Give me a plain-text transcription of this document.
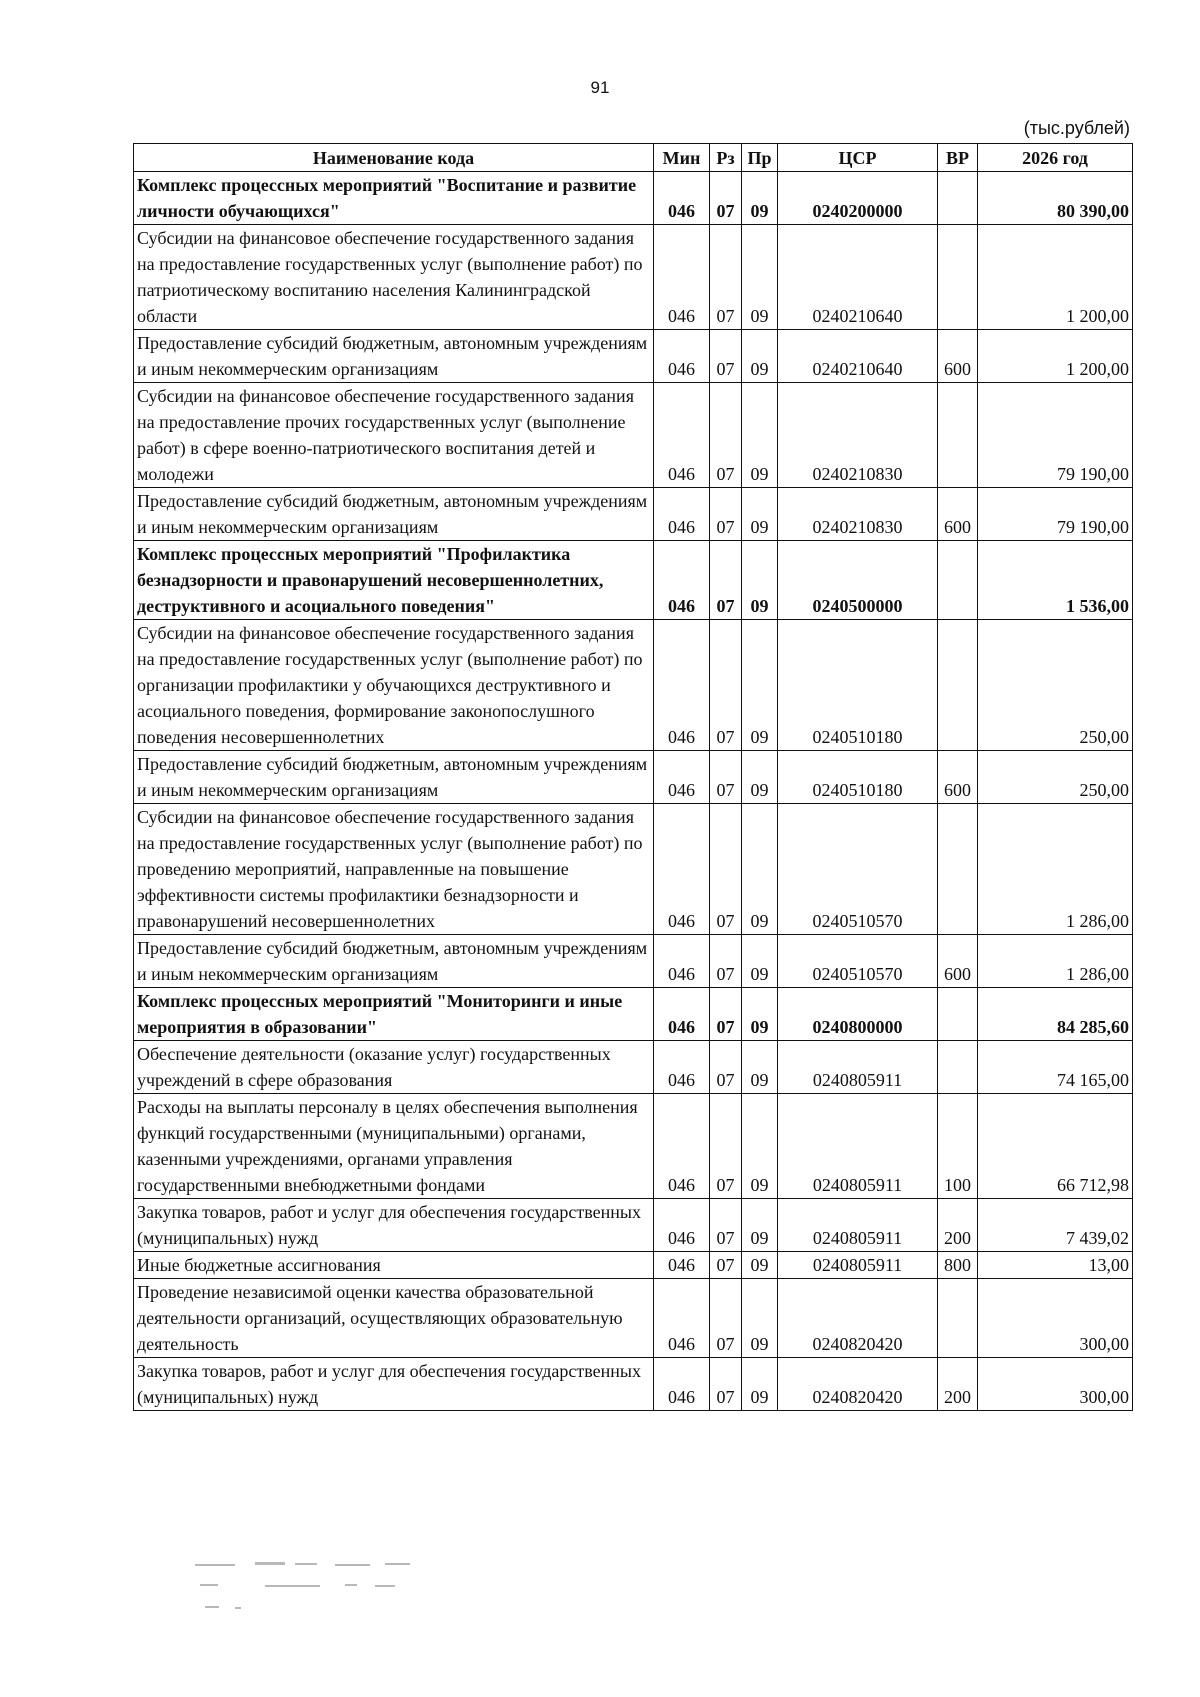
91
(тыс.рублей)
Наименование кода	Мин	Рз	Пр	ЦСР	ВР	2026 год
Комплекс процессных мероприятий "Воспитание и развитие личности обучающихся"	046	07	09	0240200000		80 390,00
Субсидии на финансовое обеспечение государственного задания на предоставление государственных услуг (выполнение работ) по патриотическому воспитанию населения Калининградской области	046	07	09	0240210640		1 200,00
Предоставление субсидий бюджетным, автономным учреждениям и иным некоммерческим организациям	046	07	09	0240210640	600	1 200,00
Субсидии на финансовое обеспечение государственного задания на предоставление прочих государственных услуг (выполнение работ) в сфере военно-патриотического воспитания детей и молодежи	046	07	09	0240210830		79 190,00
Предоставление субсидий бюджетным, автономным учреждениям и иным некоммерческим организациям	046	07	09	0240210830	600	79 190,00
Комплекс процессных мероприятий "Профилактика безнадзорности и правонарушений несовершеннолетних, деструктивного и асоциального поведения"	046	07	09	0240500000		1 536,00
Субсидии на финансовое обеспечение государственного задания на предоставление государственных услуг (выполнение работ) по организации профилактики у обучающихся деструктивного и асоциального поведения, формирование законопослушного поведения несовершеннолетних	046	07	09	0240510180		250,00
Предоставление субсидий бюджетным, автономным учреждениям и иным некоммерческим организациям	046	07	09	0240510180	600	250,00
Субсидии на финансовое обеспечение государственного задания на предоставление государственных услуг (выполнение работ) по проведению мероприятий, направленные на повышение эффективности системы профилактики безнадзорности и правонарушений несовершеннолетних	046	07	09	0240510570		1 286,00
Предоставление субсидий бюджетным, автономным учреждениям и иным некоммерческим организациям	046	07	09	0240510570	600	1 286,00
Комплекс процессных мероприятий "Мониторинги и иные мероприятия в образовании"	046	07	09	0240800000		84 285,60
Обеспечение деятельности (оказание услуг) государственных учреждений в сфере образования	046	07	09	0240805911		74 165,00
Расходы на выплаты персоналу в целях обеспечения выполнения функций государственными (муниципальными) органами, казенными учреждениями, органами управления государственными внебюджетными фондами	046	07	09	0240805911	100	66 712,98
Закупка товаров, работ и услуг для обеспечения государственных (муниципальных) нужд	046	07	09	0240805911	200	7 439,02
Иные бюджетные ассигнования	046	07	09	0240805911	800	13,00
Проведение независимой оценки качества образовательной деятельности организаций, осуществляющих образовательную деятельность	046	07	09	0240820420		300,00
Закупка товаров, работ и услуг для обеспечения государственных (муниципальных) нужд	046	07	09	0240820420	200	300,00
